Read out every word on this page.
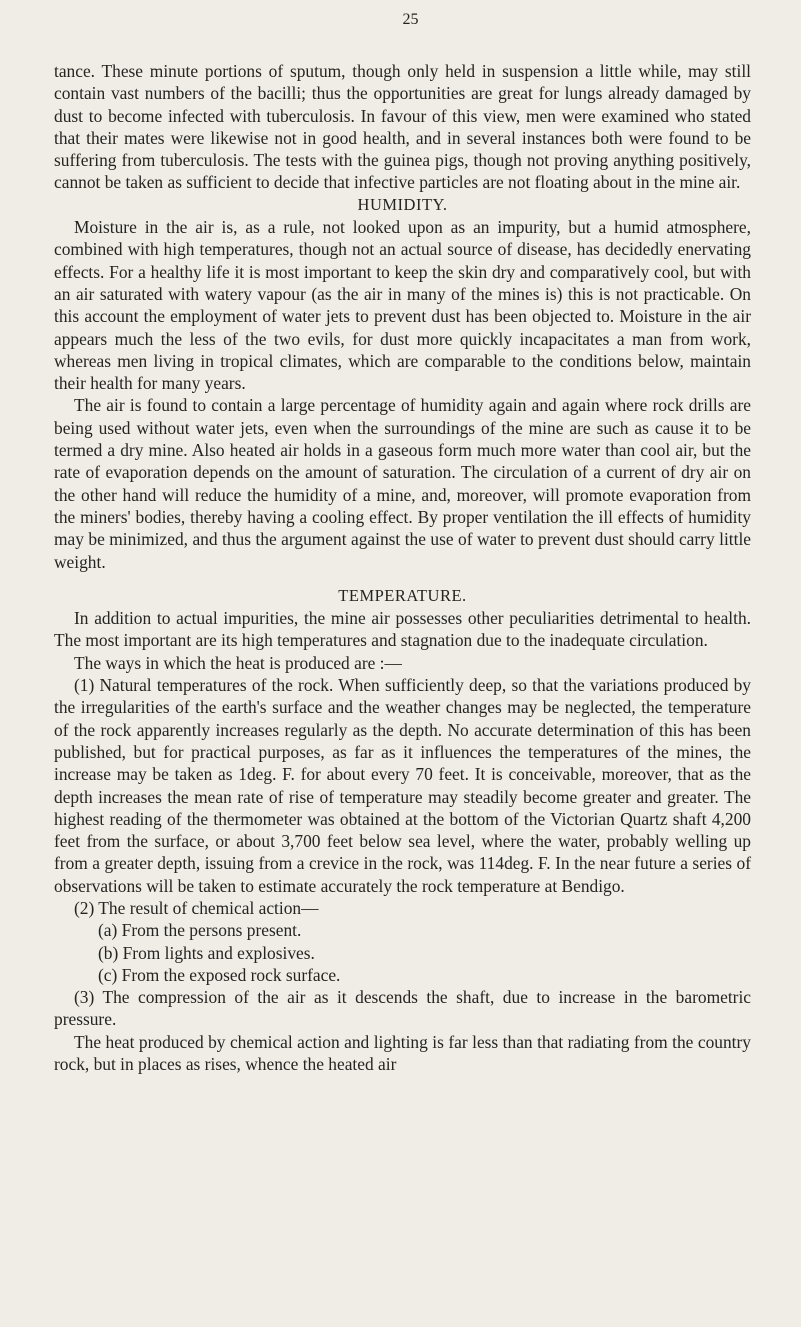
25

tance. These minute portions of sputum, though only held in suspension a little while, may still contain vast numbers of the bacilli; thus the opportunities are great for lungs already damaged by dust to become infected with tuberculosis. In favour of this view, men were examined who stated that their mates were likewise not in good health, and in several instances both were found to be suffering from tuberculosis. The tests with the guinea pigs, though not proving anything positively, cannot be taken as sufficient to decide that infective particles are not floating about in the mine air.

HUMIDITY.

Moisture in the air is, as a rule, not looked upon as an impurity, but a humid atmosphere, combined with high temperatures, though not an actual source of disease, has decidedly enervating effects. For a healthy life it is most important to keep the skin dry and comparatively cool, but with an air saturated with watery vapour (as the air in many of the mines is) this is not practicable. On this account the employment of water jets to prevent dust has been objected to. Moisture in the air appears much the less of the two evils, for dust more quickly incapacitates a man from work, whereas men living in tropical climates, which are comparable to the conditions below, maintain their health for many years.

The air is found to contain a large percentage of humidity again and again where rock drills are being used without water jets, even when the surroundings of the mine are such as cause it to be termed a dry mine. Also heated air holds in a gaseous form much more water than cool air, but the rate of evaporation depends on the amount of saturation. The circulation of a current of dry air on the other hand will reduce the humidity of a mine, and, moreover, will promote evaporation from the miners' bodies, thereby having a cooling effect. By proper ventilation the ill effects of humidity may be minimized, and thus the argument against the use of water to prevent dust should carry little weight.

TEMPERATURE.

In addition to actual impurities, the mine air possesses other peculiarities detrimental to health. The most important are its high temperatures and stagnation due to the inadequate circulation.

The ways in which the heat is produced are :—

(1) Natural temperatures of the rock. When sufficiently deep, so that the variations produced by the irregularities of the earth's surface and the weather changes may be neglected, the temperature of the rock apparently increases regularly as the depth. No accurate determination of this has been published, but for practical purposes, as far as it influences the temperatures of the mines, the increase may be taken as 1deg. F. for about every 70 feet. It is conceivable, moreover, that as the depth increases the mean rate of rise of temperature may steadily become greater and greater. The highest reading of the thermometer was obtained at the bottom of the Victorian Quartz shaft 4,200 feet from the surface, or about 3,700 feet below sea level, where the water, probably welling up from a greater depth, issuing from a crevice in the rock, was 114deg. F. In the near future a series of observations will be taken to estimate accurately the rock temperature at Bendigo.

(2) The result of chemical action—

(a) From the persons present.

(b) From lights and explosives.

(c) From the exposed rock surface.

(3) The compression of the air as it descends the shaft, due to increase in the barometric pressure.

The heat produced by chemical action and lighting is far less than that radiating from the country rock, but in places as rises, whence the heated air
